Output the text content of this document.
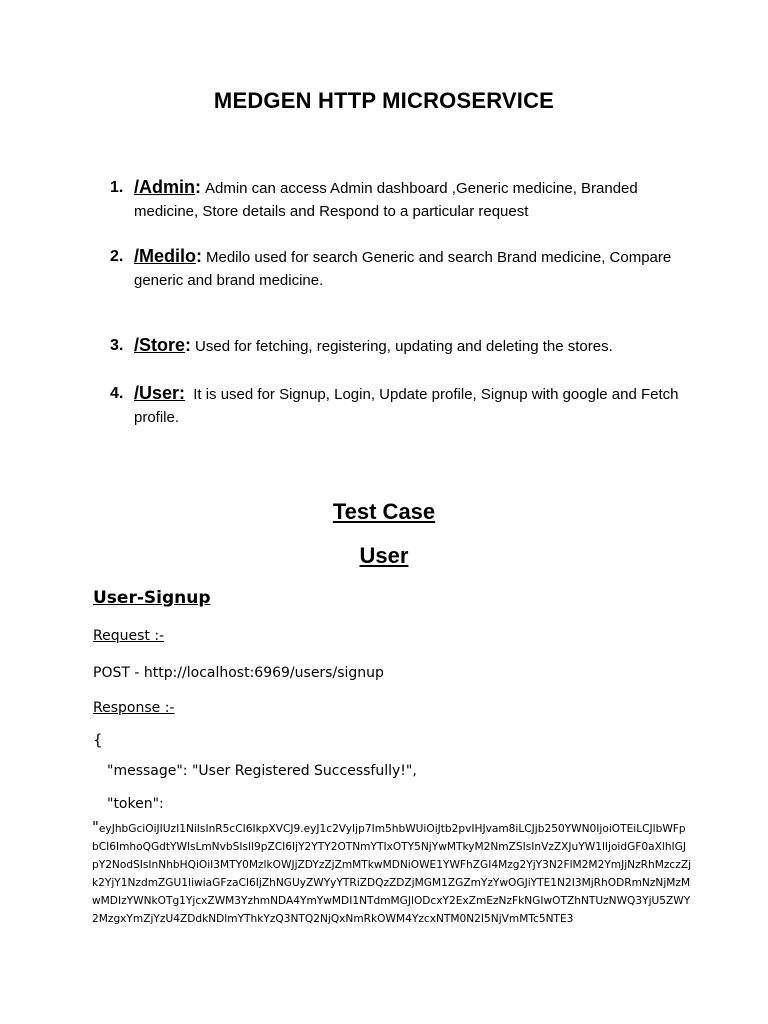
MEDGEN HTTP MICROSERVICE
1. /Admin: Admin can access Admin dashboard ,Generic medicine, Branded medicine, Store details and Respond to a particular request
2. /Medilo: Medilo used for search Generic and search Brand medicine, Compare generic and brand medicine.
3. /Store: Used for fetching, registering, updating and deleting the stores.
4. /User: It is used for Signup, Login, Update profile, Signup with google and Fetch profile.
Test Case
User
User-Signup
Request :-
POST - http://localhost:6969/users/signup
Response :-
{
"message": "User Registered Successfully!",
"token":
"eyJhbGciOiJIUzI1NiIsInR5cCI6IkpXVCJ9.eyJ1c2VyIjp7Im5hbWUiOiJtb2pvIHJvam8iLCJjb250YWN0IjoiOTEiLCJlbWFpbCI6ImhoQGdtYWlsLmNvbSIsIl9pZCI6IjY2YTY2OTNmYTIxOTY5NjYwMTkyM2NmZSIsInVzZXJuYW1lIjoidGF0aXlhIGJpY2NodSIsInNhbHQiOiI3MTY0MzlkOWJjZDYzZjZmMTkwMDNiOWE1YWFhZGI4Mzg2YjY3N2FlM2M2YmJjNzRhMzczZjk2YjY1NzdmZGU1IiwiaGFzaCI6IjZhNGUyZWYyYTRiZDQzZDZjMGM1ZGZmYzYwOGJiYTE1N2I3MjRhODRmNzNjMzMwMDIzYWNkOTg1YjcxZWM3YzhmNDA4YmYwMDI1NTdmMGJlODcxY2ExZmEzNzFkNGIwOTZhNTUzNWQ3YjU5ZWY2MzgxYmZjYzU4ZDdkNDlmYThkYzQ3NTQ2NjQxNmRkOWM4YzcxNTM0N2I5NjVmMTc5NTE3
